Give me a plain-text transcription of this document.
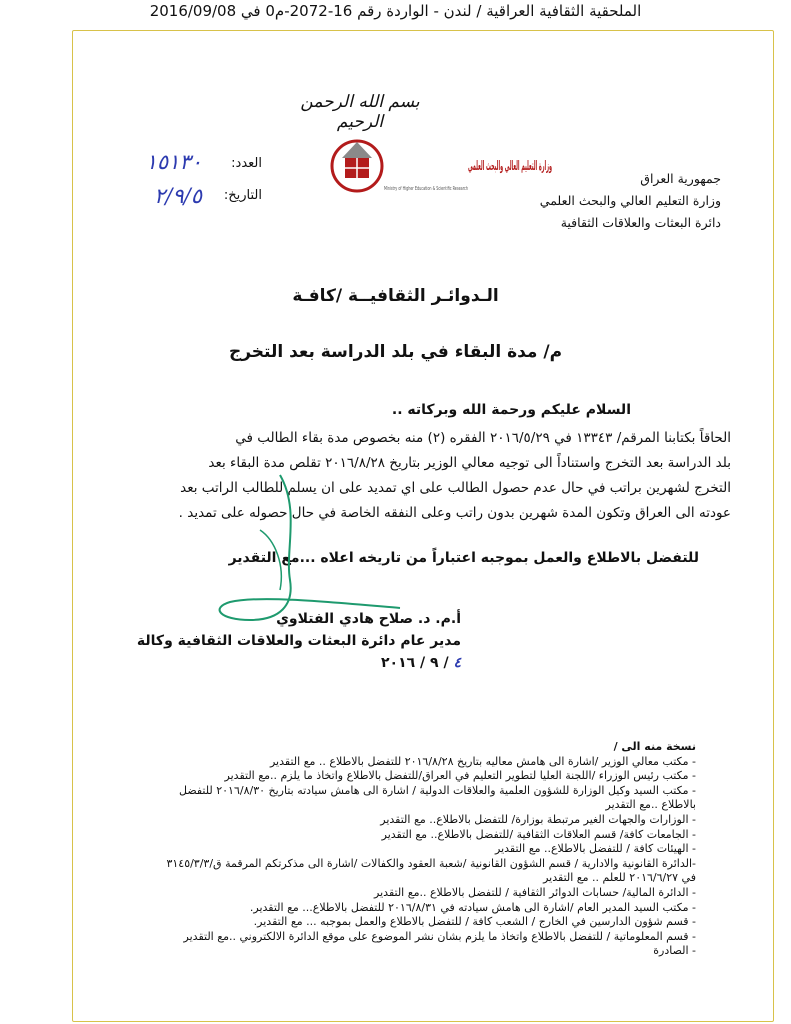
الملحقية الثقافية العراقية / لندن - الواردة رقم 16-2072-م0 في 2016/09/08
بسم الله الرحمن الرحيم
وزارة التعليم العالي والبحث العلمي
Ministry of Higher Education & Scientific Research
جمهورية العراق
وزارة التعليم العالي والبحث العلمي
دائرة البعثات والعلاقات الثقافية
العدد:
١٥١٣٠
التاريخ:
٢/٩/٥
الـدوائـر الثقافيــة /كافـة
م/ مدة البقاء في بلد الدراسة بعد التخرج
السلام عليكم ورحمة الله وبركاته ..
الحاقاً بكتابنا المرقم/ ١٣٣٤٣ في ٢٠١٦/٥/٢٩ الفقره (٢) منه بخصوص مدة بقاء الطالب في
بلد الدراسة بعد التخرج واستناداً الى توجيه معالي الوزير بتاريخ ٢٠١٦/٨/٢٨ تقلص مدة البقاء بعد
التخرج لشهرين براتب في حال عدم حصول الطالب على اي تمديد على ان يسلم للطالب الراتب بعد
عودته الى العراق وتكون المدة شهرين بدون راتب وعلى النفقه الخاصة في حال حصوله على تمديد .
للتفضل بالاطلاع والعمل بموجبه اعتباراً من تاريخه اعلاه ...مع التقدير
أ.م. د. صلاح هادي الفتلاوي
مدير عام دائرة البعثات والعلاقات الثقافية وكالة
٤ / ٩ / ٢٠١٦
نسخة منه الى /
- مكتب معالي الوزير /اشارة الى هامش معاليه بتاريخ ٢٠١٦/٨/٢٨ للتفضل بالاطلاع .. مع التقدير
- مكتب رئيس الوزراء /اللجنة العليا لتطوير التعليم في العراق/للتفضل بالاطلاع واتخاذ ما يلزم ..مع التقدير
- مكتب السيد وكيل الوزارة للشؤون العلمية والعلاقات الدولية / اشارة الى هامش سيادته بتاريخ ٢٠١٦/٨/٣٠ للتفضل
بالاطلاع ..مع التقدير
- الوزارات والجهات الغير مرتبطة بوزارة/ للتفضل بالاطلاع.. مع التقدير
- الجامعات كافة/ قسم العلاقات الثقافية /للتفضل بالاطلاع.. مع التقدير
- الهيئات كافة / للتفضل بالاطلاع.. مع التقدير
-الدائرة القانونية والادارية / قسم الشؤون القانونية /شعبة العقود والكفالات /اشارة الى مذكرتكم المرقمة ق/٣١٤٥/٣/٣
في ٢٠١٦/٦/٢٧ للعلم .. مع التقدير
- الدائرة المالية/ حسابات الدوائر الثقافية / للتفضل بالاطلاع ..مع التقدير
- مكتب السيد المدير العام /اشارة الى هامش سيادته في ٢٠١٦/٨/٣١ للتفضل بالاطلاع... مع التقدير.
- قسم شؤون الدارسين في الخارج / الشعب كافة / للتفضل بالاطلاع والعمل بموجبه ... مع التقدير.
- قسم المعلوماتية / للتفضل بالاطلاع واتخاذ ما يلزم بشان نشر الموضوع على موقع الدائرة الالكتروني ..مع التقدير
- الصادرة
